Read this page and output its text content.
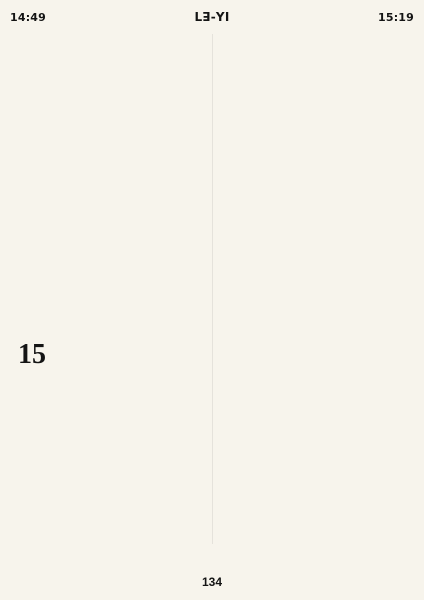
14:49	ꓡꓱ-ꓬꓲ	15:19
15
134
